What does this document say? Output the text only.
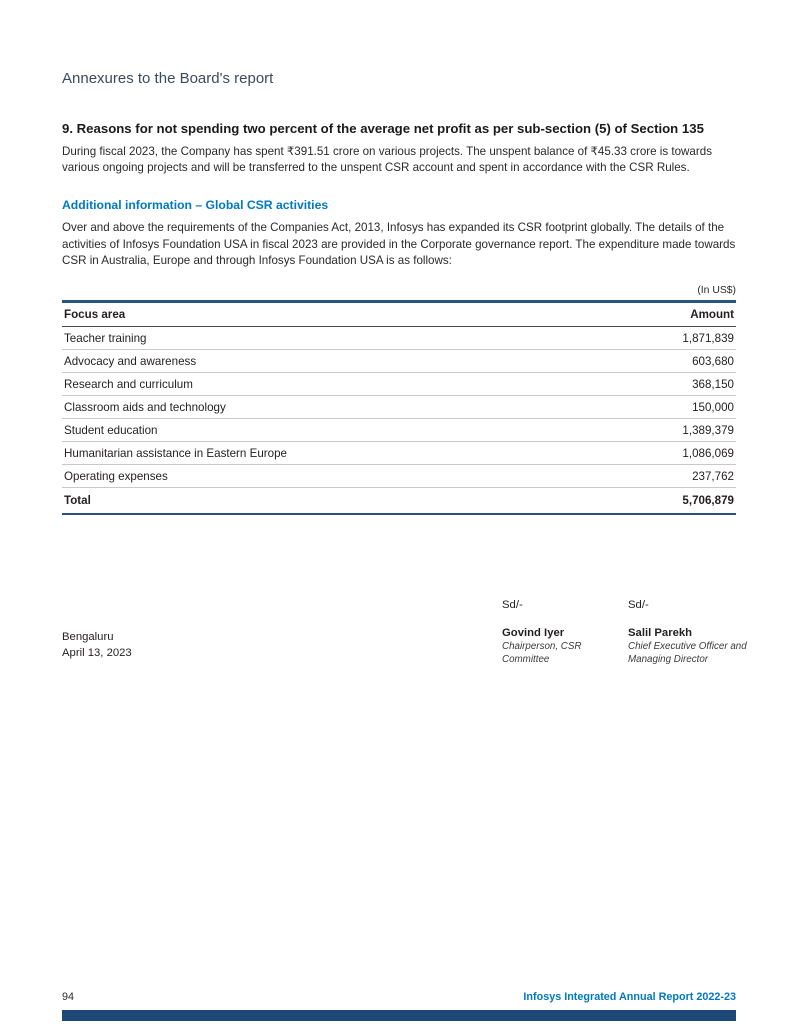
Annexures to the Board's report
9. Reasons for not spending two percent of the average net profit as per sub-section (5) of Section 135
During fiscal 2023, the Company has spent ₹391.51 crore on various projects. The unspent balance of ₹45.33 crore is towards various ongoing projects and will be transferred to the unspent CSR account and spent in accordance with the CSR Rules.
Additional information – Global CSR activities
Over and above the requirements of the Companies Act, 2013, Infosys has expanded its CSR footprint globally. The details of the activities of Infosys Foundation USA in fiscal 2023 are provided in the Corporate governance report. The expenditure made towards CSR in Australia, Europe and through Infosys Foundation USA is as follows:
(In US$)
Focus area	Amount
Teacher training	1,871,839
Advocacy and awareness	603,680
Research and curriculum	368,150
Classroom aids and technology	150,000
Student education	1,389,379
Humanitarian assistance in Eastern Europe	1,086,069
Operating expenses	237,762
Total	5,706,879
Bengaluru
April 13, 2023
Sd/-
Govind Iyer
Chairperson, CSR Committee
Sd/-
Salil Parekh
Chief Executive Officer and Managing Director
94	Infosys Integrated Annual Report 2022-23
